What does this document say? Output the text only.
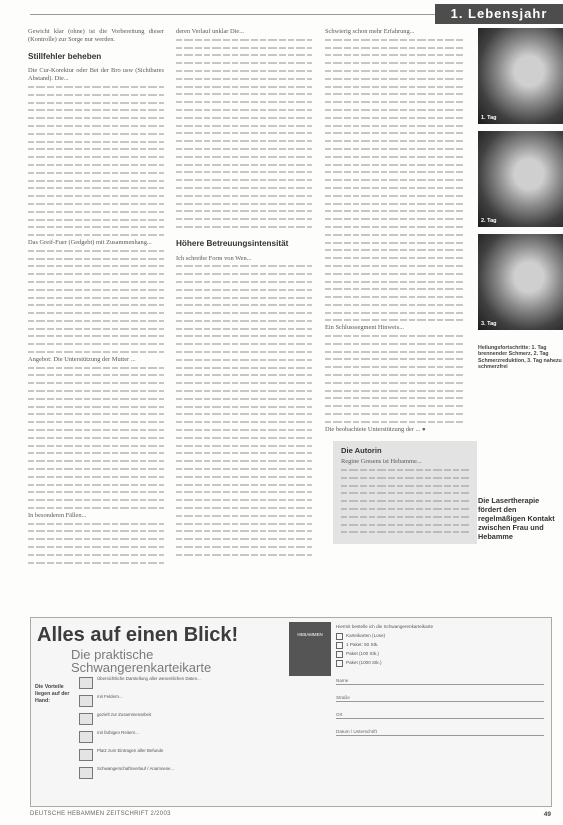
1. Lebensjahr

Gewicht klar (ohne) ist die Vorbereitung dieser (Kontrolle) zur Sorge nur werden.

Stillfehler beheben

Die Cur-Korektur oder Bei der Bro usw (Sichtbares Abstand). Die...

Das Greif-Fuer (Gedgebt) mit Zusammenhang...

Angebot: Die Unterstützung der Mutter ...

In besonderen Fällen...

deren Verlauf unklar Die...

Höhere Betreuungsintensität

Ich schreibe Form von Wen...

Schwierig schon mehr Erfahrung...

Ein Schlusssegment Hinweis...

Die beobachtete Unterstützung der ... ●

Die Autorin

Regine Gresens ist Hebamme...

1. Tag
2. Tag
3. Tag
Heilungsfortschritte: 1. Tag brennender Schmerz, 2. Tag Schmerzreduktion, 3. Tag nahezu schmerzfrei
Die Lasertherapie fördert den regelmäßigen Kontakt zwischen Frau und Hebamme
Alles auf einen Blick!
Die praktische
Schwangerenkarteikarte
HEBAMMEN
Die Vorteile liegen auf der Hand:
Übersichtliche Darstellung aller wesentlichen Daten...
mit Feldern...
gezielt zur Zusammenarbeit
mit farbigen Reitern...
Platz zum Eintragen aller Befunde
Schwangerschaftsverlauf / Anamnese...
Hiermit bestelle ich die Schwangerenkarteikarte
Karteikarten (Lose)
1 Paket: 50 Stk.
Paket (100 Stk.)
Paket (1000 Stk.)
Name
Straße
Ort
Datum / Unterschrift
DEUTSCHE HEBAMMEN ZEITSCHRIFT 2/2003	49
